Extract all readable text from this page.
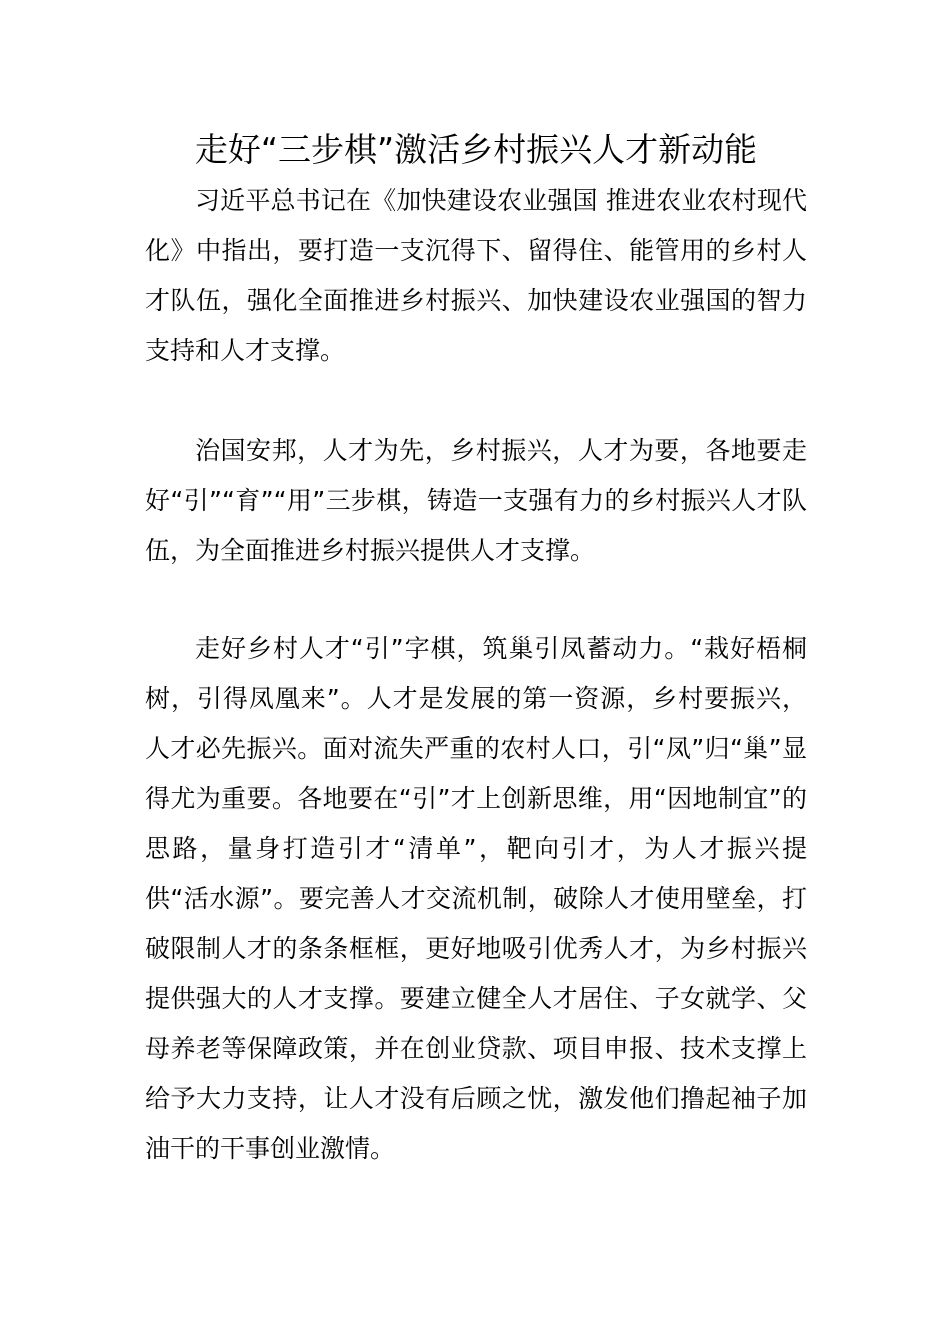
走好“三步棋”激活乡村振兴人才新动能

习近平总书记在《加快建设农业强国 推进农业农村现代化》中指出，要打造一支沉得下、留得住、能管用的乡村人才队伍，强化全面推进乡村振兴、加快建设农业强国的智力支持和人才支撑。

治国安邦，人才为先，乡村振兴，人才为要，各地要走好“引”“育”“用”三步棋，铸造一支强有力的乡村振兴人才队伍，为全面推进乡村振兴提供人才支撑。

走好乡村人才“引”字棋，筑巢引凤蓄动力。“栽好梧桐树，引得凤凰来”。人才是发展的第一资源，乡村要振兴，人才必先振兴。面对流失严重的农村人口，引“凤”归“巢”显得尤为重要。各地要在“引”才上创新思维，用“因地制宜”的思路，量身打造引才“清单”，靶向引才，为人才振兴提供“活水源”。要完善人才交流机制，破除人才使用壁垒，打破限制人才的条条框框，更好地吸引优秀人才，为乡村振兴提供强大的人才支撑。要建立健全人才居住、子女就学、父母养老等保障政策，并在创业贷款、项目申报、技术支撑上给予大力支持，让人才没有后顾之忧，激发他们撸起袖子加油干的干事创业激情。
